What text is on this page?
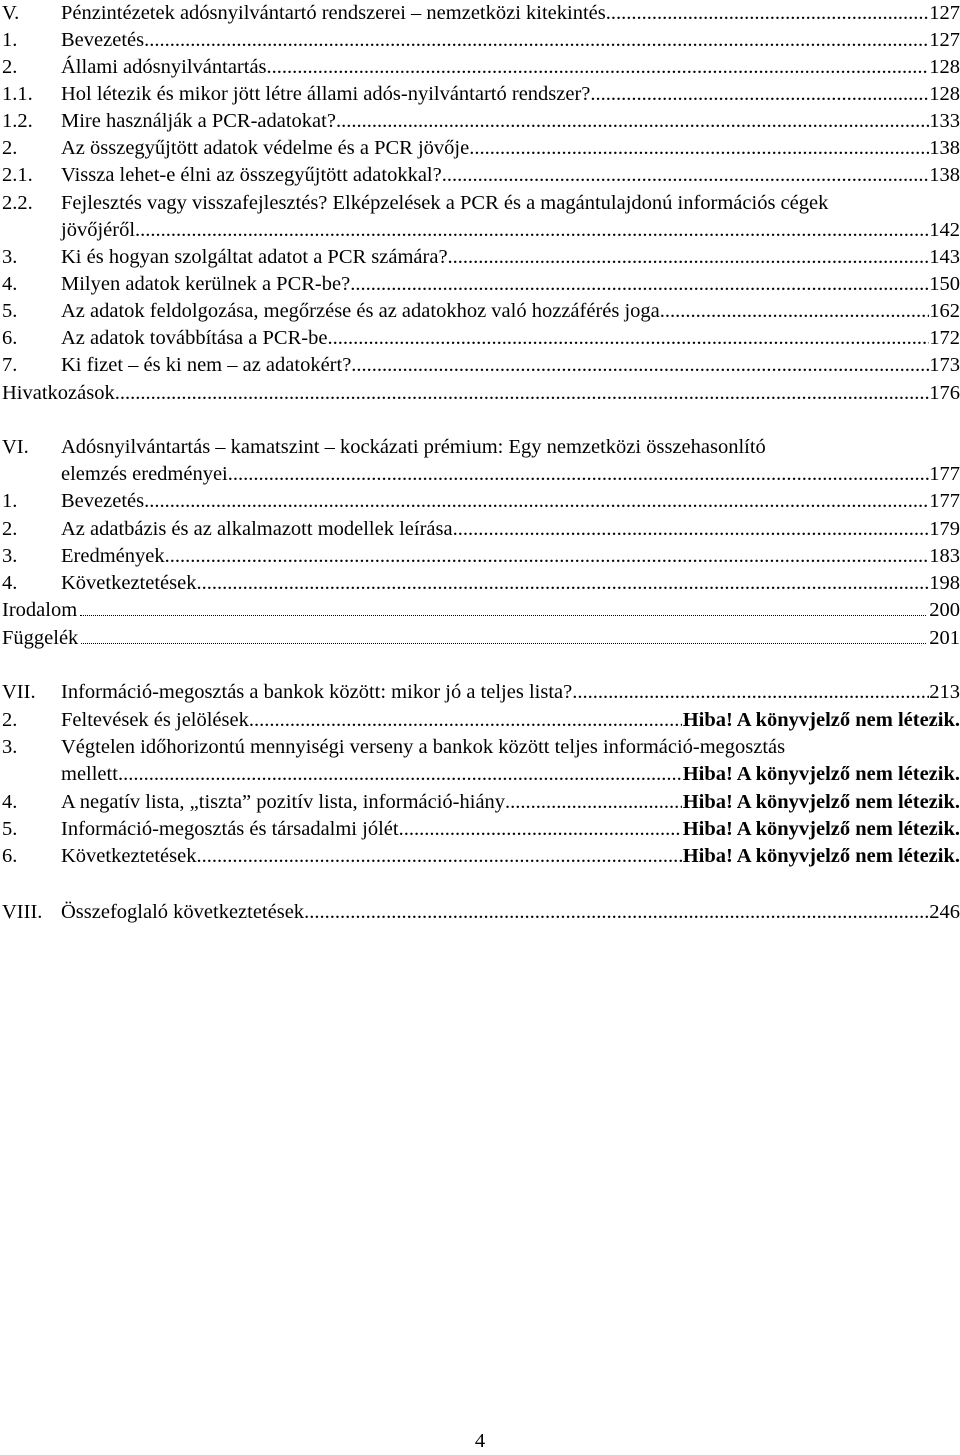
V. Pénzintézetek adósnyilvántartó rendszerei – nemzetközi kitekintés .....	127
1. Bevezetés .....	127
2. Állami adósnyilvántartás .....	128
1.1. Hol létezik és mikor jött létre állami adós-nyilvántartó rendszer? .....	128
1.2. Mire használják a PCR-adatokat? .....	133
2. Az összegyűjtött adatok védelme és a PCR jövője .....	138
2.1. Vissza lehet-e élni az összegyűjtött adatokkal? .....	138
2.2. Fejlesztés vagy visszafejlesztés? Elképzelések a PCR és a magántulajdonú információs cégek
jövőjéről .....	142
3. Ki és hogyan szolgáltat adatot a PCR számára? .....	143
4. Milyen adatok kerülnek a PCR-be? .....	150
5. Az adatok feldolgozása, megőrzése és az adatokhoz való hozzáférés joga .....	162
6. Az adatok továbbítása a PCR-be .....	172
7. Ki fizet – és ki nem – az adatokért? .....	173
Hivatkozások .....	176
VI. Adósnyilvántartás – kamatszint – kockázati prémium: Egy nemzetközi összehasonlító
elemzés eredményei .....	177
1. Bevezetés .....	177
2. Az adatbázis és az alkalmazott modellek leírása .....	179
3. Eredmények .....	183
4. Következtetések .....	198
Irodalom	200
Függelék	201
VII. Információ-megosztás a bankok között: mikor jó a teljes lista? .....	213
2. Feltevések és jelölések .....	Hiba! A könyvjelző nem létezik.
3. Végtelen időhorizontú mennyiségi verseny a bankok között teljes információ-megosztás
mellett .....	Hiba! A könyvjelző nem létezik.
4. A negatív lista, „tiszta” pozitív lista, információ-hiány .....	Hiba! A könyvjelző nem létezik.
5. Információ-megosztás és társadalmi jólét .....	Hiba! A könyvjelző nem létezik.
6. Következtetések .....	Hiba! A könyvjelző nem létezik.
VIII. Összefoglaló következtetések .....	246
4
